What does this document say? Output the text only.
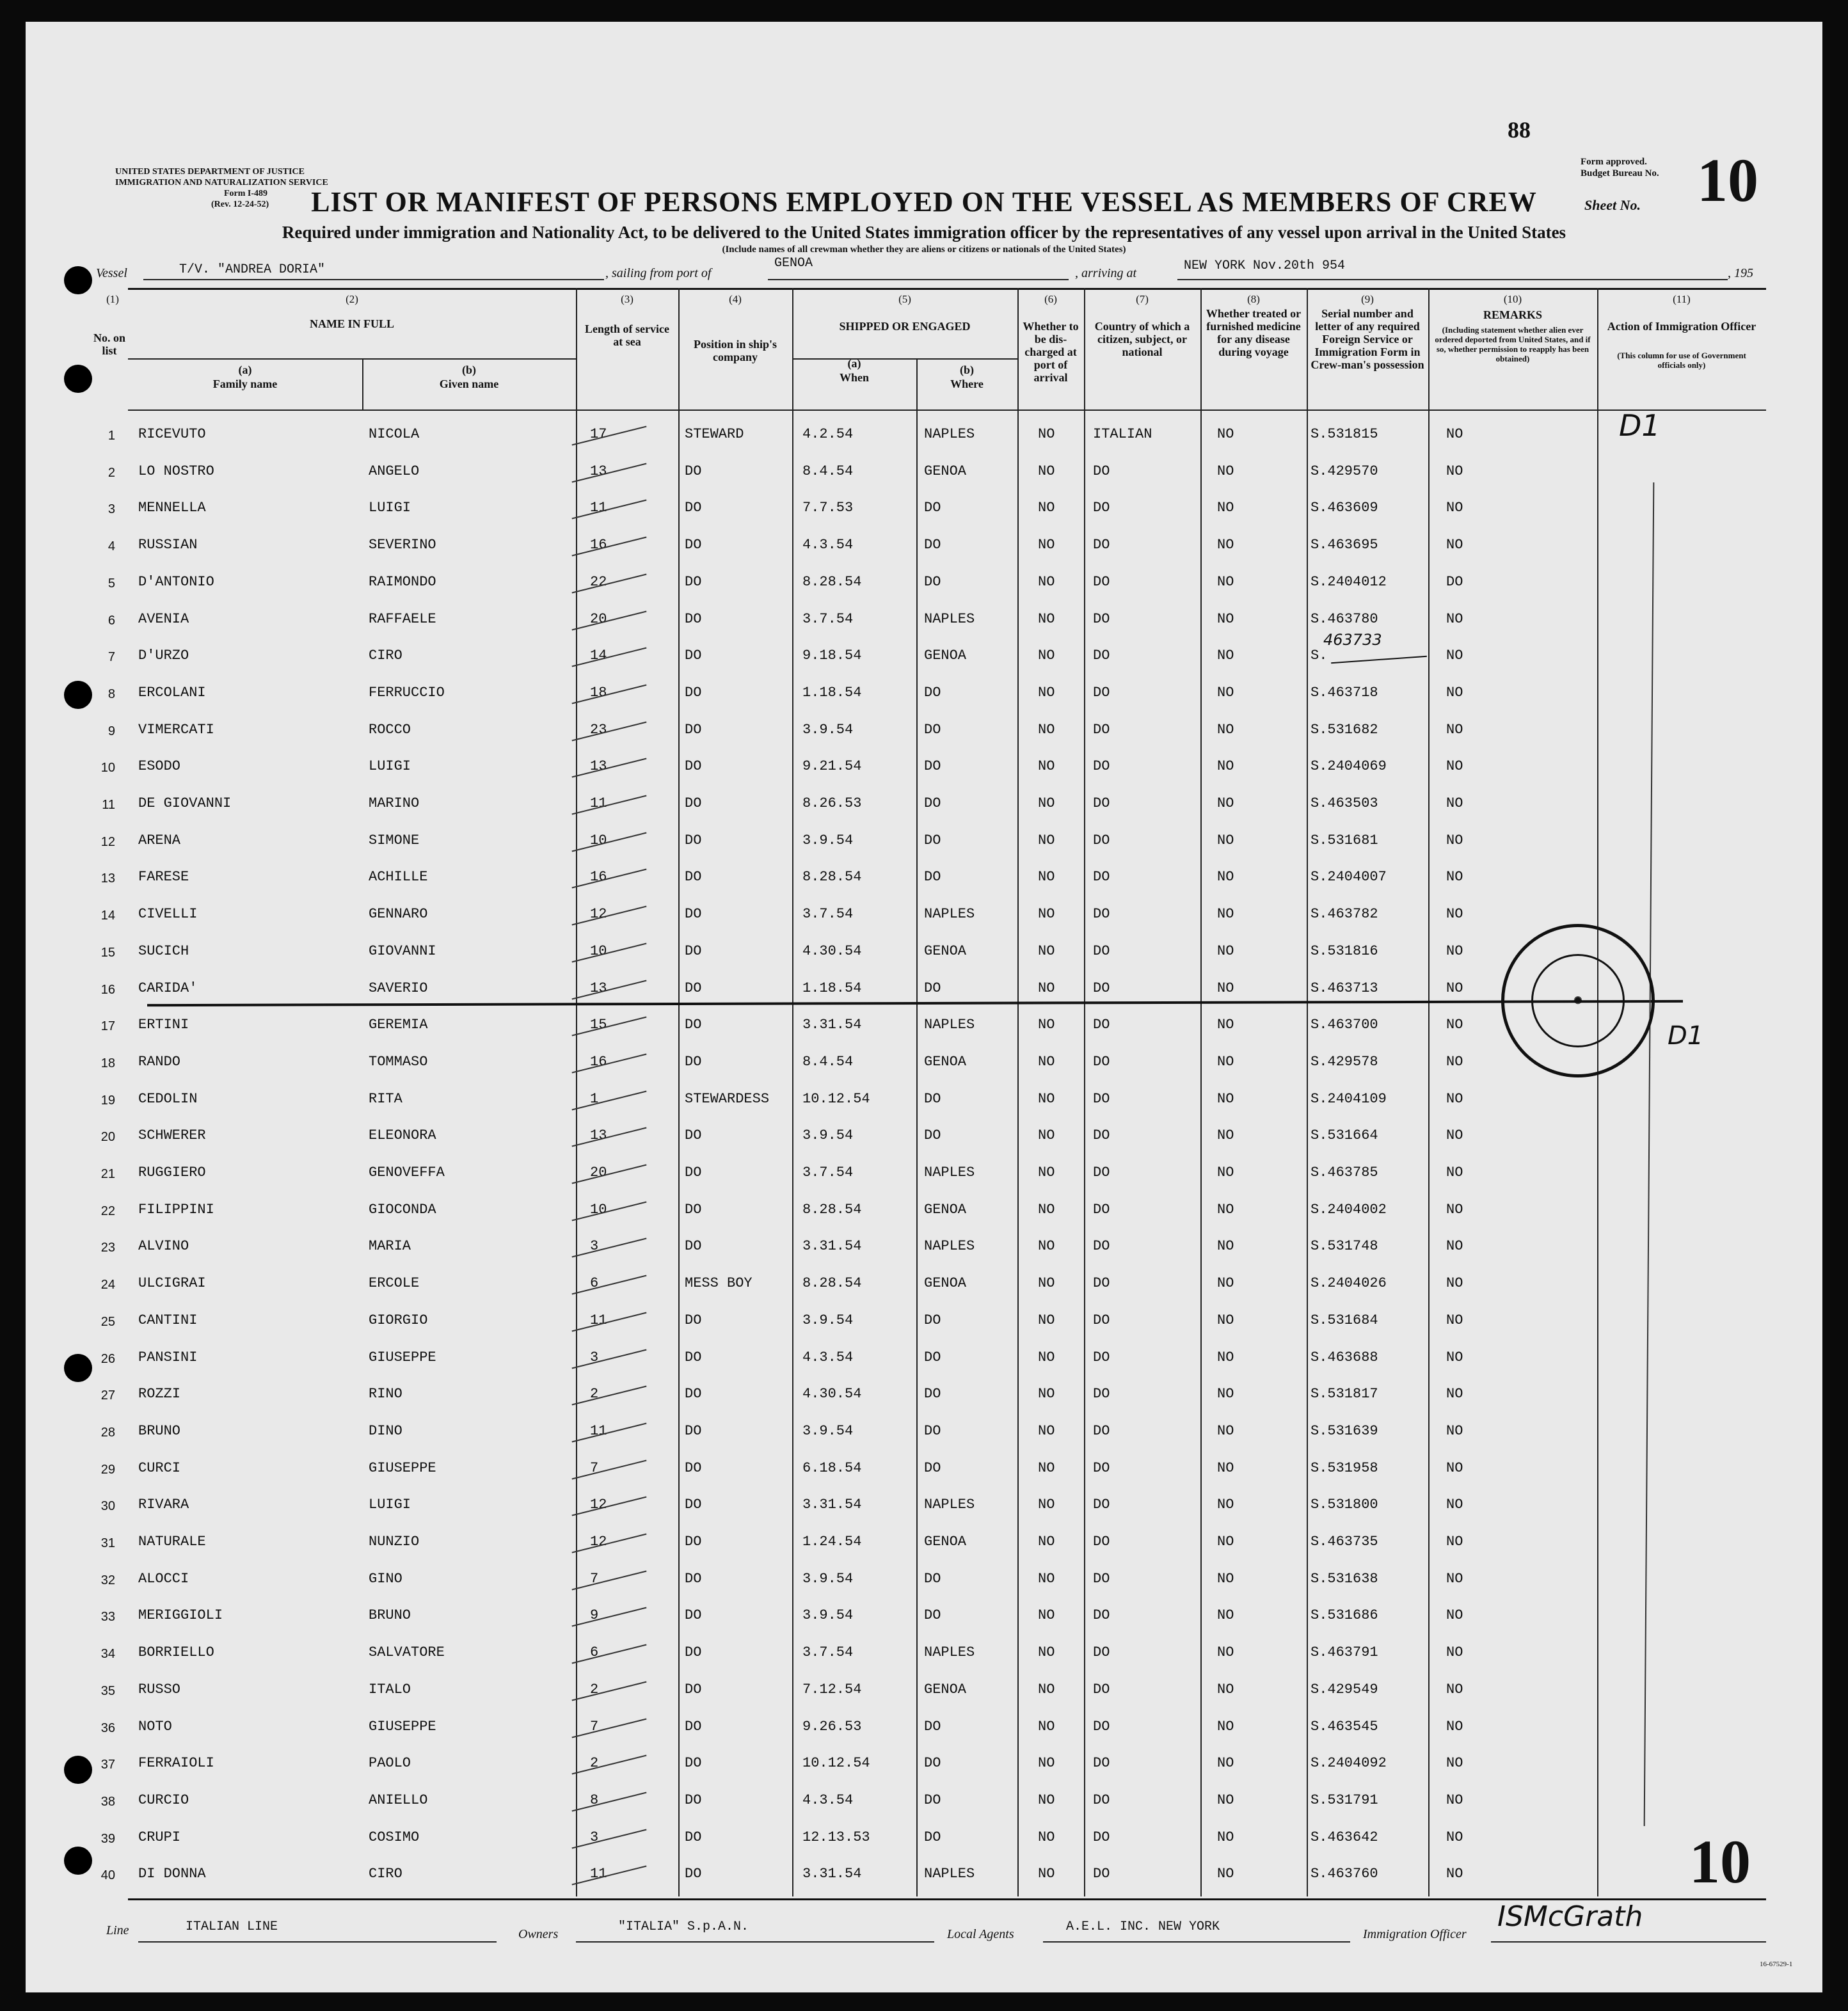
UNITED STATES DEPARTMENT OF JUSTICE
IMMIGRATION AND NATURALIZATION SERVICE
Form I-489
(Rev. 12-24-52)
88
Form approved.
Budget Bureau No.
Sheet No. 10
LIST OR MANIFEST OF PERSONS EMPLOYED ON THE VESSEL AS MEMBERS OF CREW
Required under immigration and Nationality Act, to be delivered to the United States immigration officer by the representatives of any vessel upon arrival in the United States
(Include names of all crewman whether they are aliens or citizens or nationals of the United States)
Vessel	T/V. "ANDREA DORIA"	, sailing from port of
GENOA
, arriving at	NEW YORK Nov.20th 954	, 195
(1)
No. on list
(2)
NAME IN FULL
(a)
Family name
(b)
Given name
(3)
Length of service at sea
(4)
Position in ship's company
(5)
SHIPPED OR ENGAGED
(a)
When
(b)
Where
(6)
Whether to be dis-charged at port of arrival
(7)
Country of which a citizen, subject, or national
(8)
Whether treated or furnished medicine for any disease during voyage
(9)
Serial number and letter of any required Foreign Service or Immigration Form in Crew-man's possession
(10)
REMARKS
(Including statement whether alien ever ordered deported from United States, and if so, whether permission to reapply has been obtained)
(11)
Action of Immigration Officer
(This column for use of Government officials only)
1 RICEVUTO	NICOLA	17	STEWARD	4.2.54	NAPLES	NO	ITALIAN	NO	S.531815	NO
2 LO NOSTRO	ANGELO	13	DO	8.4.54	GENOA	NO	DO	NO	S.429570	NO
3 MENNELLA	LUIGI	11	DO	7.7.53	DO	NO	DO	NO	S.463609	NO
4 RUSSIAN	SEVERINO	16	DO	4.3.54	DO	NO	DO	NO	S.463695	NO
5 D'ANTONIO	RAIMONDO	22	DO	8.28.54	DO	NO	DO	NO	S.2404012	DO
6 AVENIA	RAFFAELE	20	DO	3.7.54	NAPLES	NO	DO	NO	S.463780	NO
7 D'URZO	CIRO	14	DO	9.18.54	GENOA	NO	DO	NO	S.	NO
8 ERCOLANI	FERRUCCIO	18	DO	1.18.54	DO	NO	DO	NO	S.463718	NO
9 VIMERCATI	ROCCO	23	DO	3.9.54	DO	NO	DO	NO	S.531682	NO
10 ESODO	LUIGI	13	DO	9.21.54	DO	NO	DO	NO	S.2404069	NO
11 DE GIOVANNI	MARINO	11	DO	8.26.53	DO	NO	DO	NO	S.463503	NO
12 ARENA	SIMONE	10	DO	3.9.54	DO	NO	DO	NO	S.531681	NO
13 FARESE	ACHILLE	16	DO	8.28.54	DO	NO	DO	NO	S.2404007	NO
14 CIVELLI	GENNARO	12	DO	3.7.54	NAPLES	NO	DO	NO	S.463782	NO
15 SUCICH	GIOVANNI	10	DO	4.30.54	GENOA	NO	DO	NO	S.531816	NO
16 CARIDA'	SAVERIO	13	DO	1.18.54	DO	NO	DO	NO	S.463713	NO
17 ERTINI	GEREMIA	15	DO	3.31.54	NAPLES	NO	DO	NO	S.463700	NO
18 RANDO	TOMMASO	16	DO	8.4.54	GENOA	NO	DO	NO	S.429578	NO
19 CEDOLIN	RITA	1	STEWARDESS 10.12.54	DO	NO	DO	NO	S.2404109	NO
20 SCHWERER	ELEONORA	13	DO	3.9.54	DO	NO	DO	NO	S.531664	NO
21 RUGGIERO	GENOVEFFA	20	DO	3.7.54	NAPLES	NO	DO	NO	S.463785	NO
22 FILIPPINI	GIOCONDA	10	DO	8.28.54	GENOA	NO	DO	NO	S.2404002	NO
23 ALVINO	MARIA	3	DO	3.31.54	NAPLES	NO	DO	NO	S.531748	NO
24 ULCIGRAI	ERCOLE	6	MESS BOY	8.28.54	GENOA	NO	DO	NO	S.2404026	NO
25 CANTINI	GIORGIO	11	DO	3.9.54	DO	NO	DO	NO	S.531684	NO
26 PANSINI	GIUSEPPE	3	DO	4.3.54	DO	NO	DO	NO	S.463688	NO
27 ROZZI	RINO	2	DO	4.30.54	DO	NO	DO	NO	S.531817	NO
28 BRUNO	DINO	11	DO	3.9.54	DO	NO	DO	NO	S.531639	NO
29 CURCI	GIUSEPPE	7	DO	6.18.54	DO	NO	DO	NO	S.531958	NO
30 RIVARA	LUIGI	12	DO	3.31.54	NAPLES	NO	DO	NO	S.531800	NO
31 NATURALE	NUNZIO	12	DO	1.24.54	GENOA	NO	DO	NO	S.463735	NO
32 ALOCCI	GINO	7	DO	3.9.54	DO	NO	DO	NO	S.531638	NO
33 MERIGGIOLI	BRUNO	9	DO	3.9.54	DO	NO	DO	NO	S.531686	NO
34 BORRIELLO	SALVATORE	6	DO	3.7.54	NAPLES	NO	DO	NO	S.463791	NO
35 RUSSO	ITALO	2	DO	7.12.54	GENOA	NO	DO	NO	S.429549	NO
36 NOTO	GIUSEPPE	7	DO	9.26.53	DO	NO	DO	NO	S.463545	NO
37 FERRAIOLI	PAOLO	2	DO	10.12.54	DO	NO	DO	NO	S.2404092	NO
38 CURCIO	ANIELLO	8	DO	4.3.54	DO	NO	DO	NO	S.531791	NO
39 CRUPI	COSIMO	3	DO	12.13.53	DO	NO	DO	NO	S.463642	NO
40 DI DONNA	CIRO	11	DO	3.31.54	NAPLES	NO	DO	NO	S.463760	NO
463733
D1
D1
✺
10
Line	ITALIAN LINE	Owners	"ITALIA" S.p.A.N.	Local Agents	A.E.L. INC. NEW YORK	Immigration Officer
ISMcGrath
16-67529-1
